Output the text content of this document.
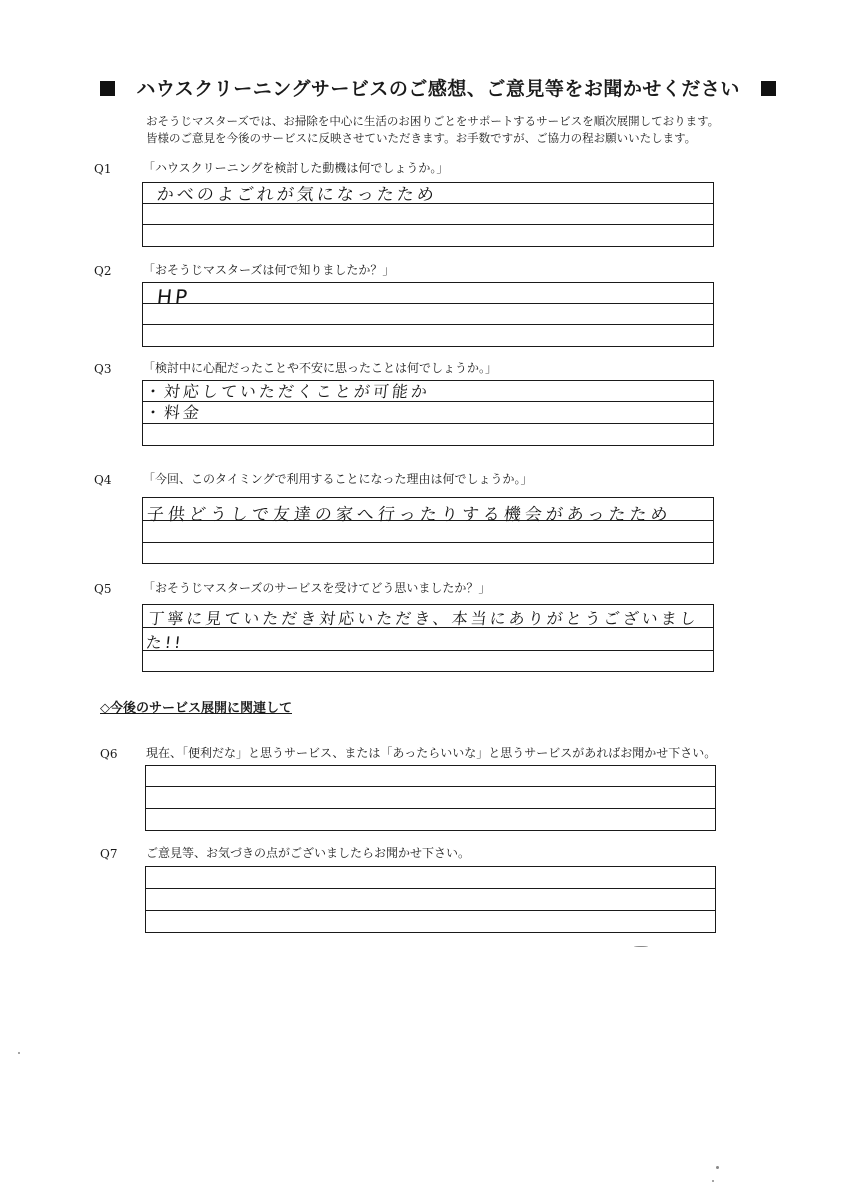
ハウスクリーニングサービスのご感想、ご意見等をお聞かせください
おそうじマスターズでは、お掃除を中心に生活のお困りごとをサポートするサービスを順次展開しております。
皆様のご意見を今後のサービスに反映させていただきます。お手数ですが、ご協力の程お願いいたします。
Q1	「ハウスクリーニングを検討した動機は何でしょうか。」
かべのよごれが気になったため
Q2	「おそうじマスターズは何で知りましたか？」
HP
Q3	「検討中に心配だったことや不安に思ったことは何でしょうか。」
・対応していただくことが可能か
・料金
Q4	「今回、このタイミングで利用することになった理由は何でしょうか。」
子供どうしで友達の家へ行ったりする機会があったため
Q5	「おそうじマスターズのサービスを受けてどう思いましたか？」
丁寧に見ていただき対応いただき、本当にありがとうございました!!
◇今後のサービス展開に関連して
Q6 現在、「便利だな」と思うサービス、または「あったらいいな」と思うサービスがあればお聞かせ下さい。
Q7 ご意見等、お気づきの点がございましたらお聞かせ下さい。
